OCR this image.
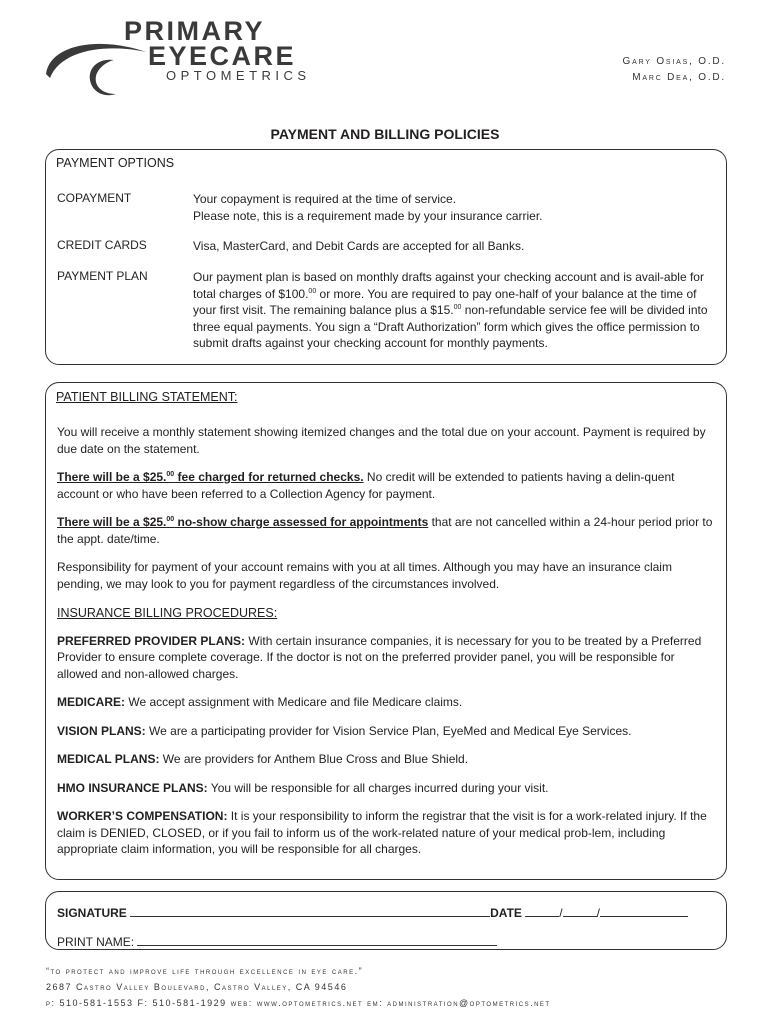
PRIMARY
EYECARE
OPTOMETRICS
Gary Osias, O.D.
Marc Dea, O.D.
PAYMENT AND BILLING POLICIES
PAYMENT OPTIONS
COPAYMENT	Your copayment is required at the time of service.

Please note, this is a requirement made by your insurance carrier.

CREDIT CARDS	Visa, MasterCard, and Debit Cards are accepted for all Banks.
PAYMENT PLAN	Our payment plan is based on monthly drafts against your checking account and is avail-able for total charges of $100.00 or more. You are required to pay one-half of your balance at the time of your first visit. The remaining balance plus a $15.00 non-refundable service fee will be divided into three equal payments. You sign a “Draft Authorization” form which gives the office permission to submit drafts against your checking account for monthly payments.
PATIENT BILLING STATEMENT:

You will receive a monthly statement showing itemized changes and the total due on your account. Payment is required by due date on the statement.

There will be a $25.00 fee charged for returned checks. No credit will be extended to patients having a delin-quent account or who have been referred to a Collection Agency for payment.

There will be a $25.00 no-show charge assessed for appointments that are not cancelled within a 24-hour period prior to the appt. date/time.

Responsibility for payment of your account remains with you at all times. Although you may have an insurance claim pending, we may look to you for payment regardless of the circumstances involved.

INSURANCE BILLING PROCEDURES:

PREFERRED PROVIDER PLANS: With certain insurance companies, it is necessary for you to be treated by a Preferred Provider to ensure complete coverage. If the doctor is not on the preferred provider panel, you will be responsible for allowed and non-allowed charges.

MEDICARE: We accept assignment with Medicare and file Medicare claims.

VISION PLANS: We are a participating provider for Vision Service Plan, EyeMed and Medical Eye Services.

MEDICAL PLANS: We are providers for Anthem Blue Cross and Blue Shield.

HMO INSURANCE PLANS: You will be responsible for all charges incurred during your visit.

WORKER’S COMPENSATION: It is your responsibility to inform the registrar that the visit is for a work-related injury. If the claim is DENIED, CLOSED, or if you fail to inform us of the work-related nature of your medical prob-lem, including appropriate claim information, you will be responsible for all charges.

SIGNATURE	DATE	/	/
PRINT NAME:
“to protect and improve life through excellence in eye care.”
2687 Castro Valley Boulevard, Castro Valley, CA 94546
p: 510-581-1553 F: 510-581-1929 web: www.optometrics.net em: administration@optometrics.net
